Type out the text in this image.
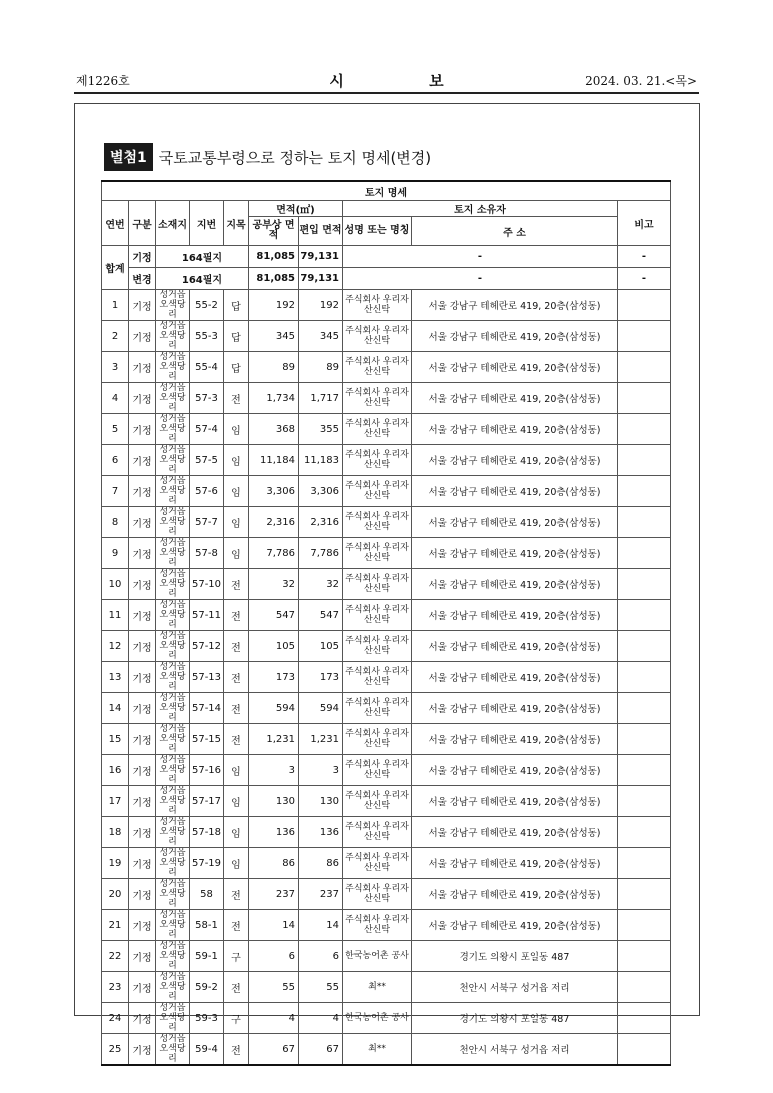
제1226호	시 보	2024. 03. 21.<목>
별첨1 국토교통부령으로 정하는 토지 명세(변경)
토지 명세									
연번	구분	소재지	지번	지목	면적(㎡)		토지 소유자		비고
					공부상 면적	편입 면적	성명 또는 명칭	주 소	
합계	기정	164필지			81,085	79,131	-		-
	변경	164필지			81,085	79,131	-		-
1	기정	성거읍 오색당리	55-2	답	192	192	주식회사 우리자산신탁	서울 강남구 테헤란로 419, 20층(삼성동)	
2	기정	성거읍 오색당리	55-3	답	345	345	주식회사 우리자산신탁	서울 강남구 테헤란로 419, 20층(삼성동)	
3	기정	성거읍 오색당리	55-4	답	89	89	주식회사 우리자산신탁	서울 강남구 테헤란로 419, 20층(삼성동)	
4	기정	성거읍 오색당리	57-3	전	1,734	1,717	주식회사 우리자산신탁	서울 강남구 테헤란로 419, 20층(삼성동)	
5	기정	성거읍 오색당리	57-4	임	368	355	주식회사 우리자산신탁	서울 강남구 테헤란로 419, 20층(삼성동)	
6	기정	성거읍 오색당리	57-5	임	11,184	11,183	주식회사 우리자산신탁	서울 강남구 테헤란로 419, 20층(삼성동)	
7	기정	성거읍 오색당리	57-6	임	3,306	3,306	주식회사 우리자산신탁	서울 강남구 테헤란로 419, 20층(삼성동)	
8	기정	성거읍 오색당리	57-7	임	2,316	2,316	주식회사 우리자산신탁	서울 강남구 테헤란로 419, 20층(삼성동)	
9	기정	성거읍 오색당리	57-8	임	7,786	7,786	주식회사 우리자산신탁	서울 강남구 테헤란로 419, 20층(삼성동)	
10	기정	성거읍 오색당리	57-10	전	32	32	주식회사 우리자산신탁	서울 강남구 테헤란로 419, 20층(삼성동)	
11	기정	성거읍 오색당리	57-11	전	547	547	주식회사 우리자산신탁	서울 강남구 테헤란로 419, 20층(삼성동)	
12	기정	성거읍 오색당리	57-12	전	105	105	주식회사 우리자산신탁	서울 강남구 테헤란로 419, 20층(삼성동)	
13	기정	성거읍 오색당리	57-13	전	173	173	주식회사 우리자산신탁	서울 강남구 테헤란로 419, 20층(삼성동)	
14	기정	성거읍 오색당리	57-14	전	594	594	주식회사 우리자산신탁	서울 강남구 테헤란로 419, 20층(삼성동)	
15	기정	성거읍 오색당리	57-15	전	1,231	1,231	주식회사 우리자산신탁	서울 강남구 테헤란로 419, 20층(삼성동)	
16	기정	성거읍 오색당리	57-16	임	3	3	주식회사 우리자산신탁	서울 강남구 테헤란로 419, 20층(삼성동)	
17	기정	성거읍 오색당리	57-17	임	130	130	주식회사 우리자산신탁	서울 강남구 테헤란로 419, 20층(삼성동)	
18	기정	성거읍 오색당리	57-18	임	136	136	주식회사 우리자산신탁	서울 강남구 테헤란로 419, 20층(삼성동)	
19	기정	성거읍 오색당리	57-19	임	86	86	주식회사 우리자산신탁	서울 강남구 테헤란로 419, 20층(삼성동)	
20	기정	성거읍 오색당리	58	전	237	237	주식회사 우리자산신탁	서울 강남구 테헤란로 419, 20층(삼성동)	
21	기정	성거읍 오색당리	58-1	전	14	14	주식회사 우리자산신탁	서울 강남구 테헤란로 419, 20층(삼성동)	
22	기정	성거읍 오색당리	59-1	구	6	6	한국농어촌 공사	경기도 의왕시 포일동 487	
23	기정	성거읍 오색당리	59-2	전	55	55	최**	천안시 서북구 성거읍 저리	
24	기정	성거읍 오색당리	59-3	구	4	4	한국농어촌 공사	경기도 의왕시 포일동 487	
25	기정	성거읍 오색당리	59-4	전	67	67	최**	천안시 서북구 성거읍 저리	
